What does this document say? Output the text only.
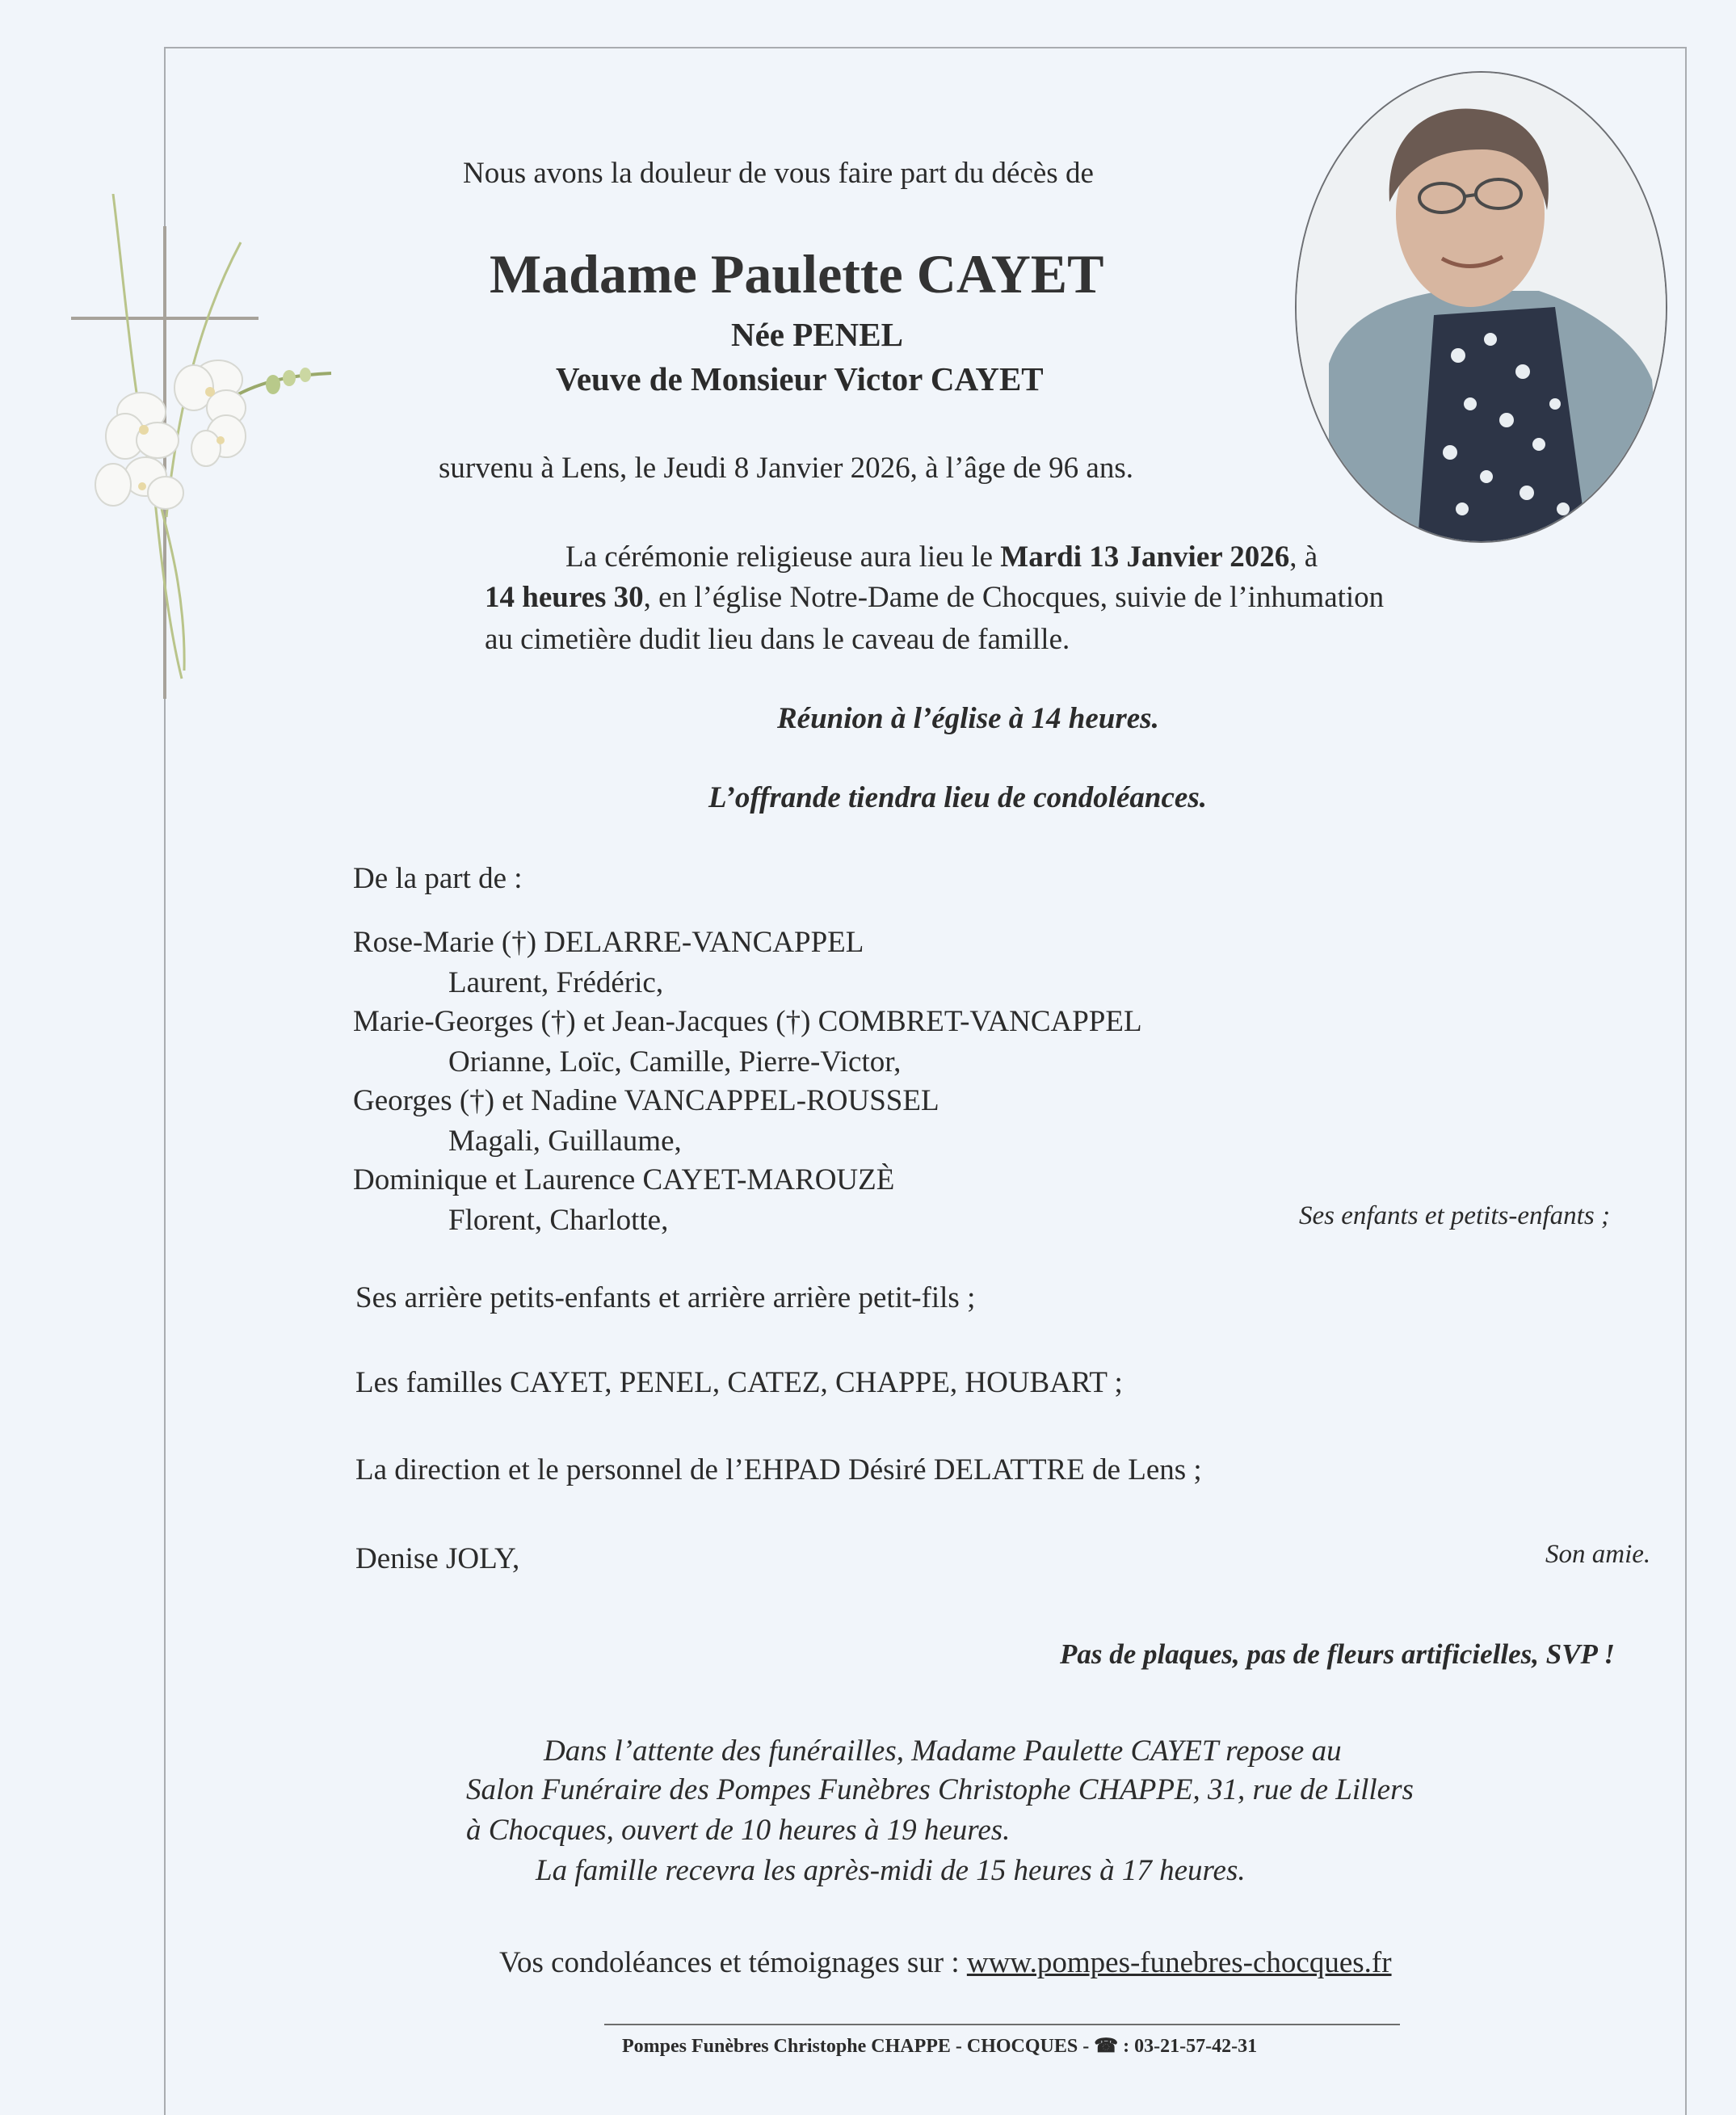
Nous avons la douleur de vous faire part du décès de

Madame Paulette CAYET

Née PENEL

Veuve de Monsieur Victor CAYET

survenu à Lens, le Jeudi 8 Janvier 2026, à l’âge de 96 ans.

La cérémonie religieuse aura lieu le Mardi 13 Janvier 2026, à

14 heures 30, en l’église Notre-Dame de Chocques, suivie de l’inhumation

au cimetière dudit lieu dans le caveau de famille.

Réunion à l’église à 14 heures.

L’offrande tiendra lieu de condoléances.

De la part de :

Rose-Marie (†) DELARRE-VANCAPPEL

Laurent, Frédéric,

Marie-Georges (†) et Jean-Jacques (†) COMBRET-VANCAPPEL

Orianne, Loïc, Camille, Pierre-Victor,

Georges (†) et Nadine VANCAPPEL-ROUSSEL

Magali, Guillaume,

Dominique et Laurence CAYET-MAROUZÈ

Florent, Charlotte,	Ses enfants et petits-enfants ;

Ses arrière petits-enfants et arrière arrière petit-fils ;

Les familles CAYET, PENEL, CATEZ, CHAPPE, HOUBART ;

La direction et le personnel de l’EHPAD Désiré DELATTRE de Lens ;

Denise JOLY,	Son amie.

Pas de plaques, pas de fleurs artificielles, SVP !

Dans l’attente des funérailles, Madame Paulette CAYET repose au

Salon Funéraire des Pompes Funèbres Christophe CHAPPE, 31, rue de Lillers

à Chocques, ouvert de 10 heures à 19 heures.

La famille recevra les après-midi de 15 heures à 17 heures.

Vos condoléances et témoignages sur : www.pompes-funebres-chocques.fr

Pompes Funèbres Christophe CHAPPE - CHOCQUES - ☎ : 03-21-57-42-31
